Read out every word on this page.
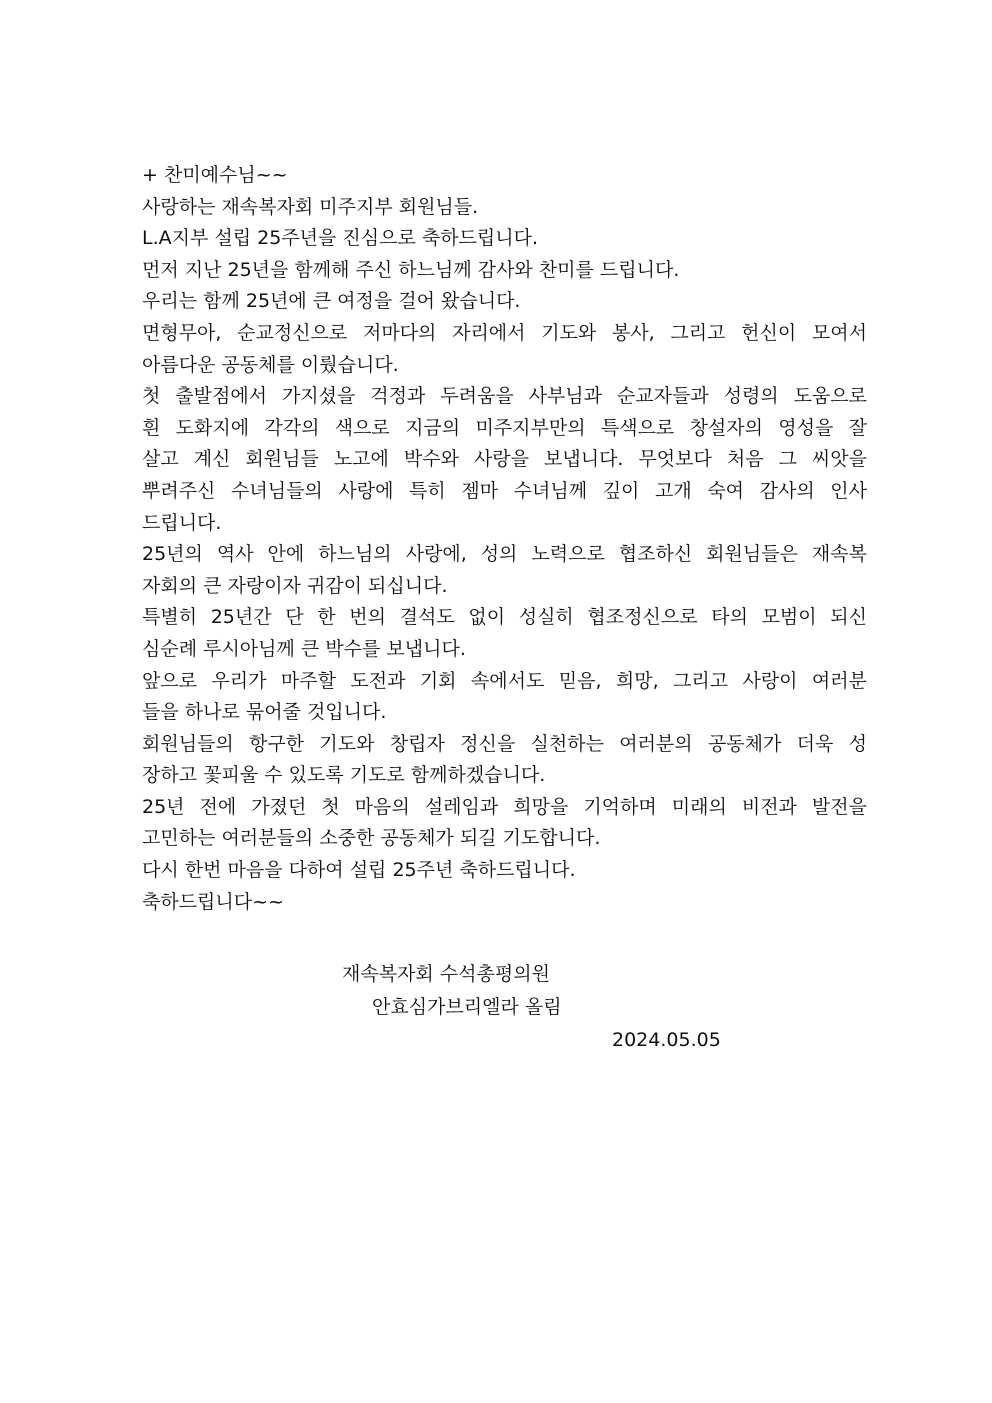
+ 찬미예수님~~
사랑하는 재속복자회 미주지부 회원님들.
L.A지부 설립 25주년을 진심으로 축하드립니다.
먼저 지난 25년을 함께해 주신 하느님께 감사와 찬미를 드립니다.
우리는 함께 25년에 큰 여정을 걸어 왔습니다.
면형무아, 순교정신으로 저마다의 자리에서 기도와 봉사, 그리고 헌신이 모여서
아름다운 공동체를 이뤘습니다.
첫 출발점에서 가지셨을 걱정과 두려움을 사부님과 순교자들과 성령의 도움으로
흰 도화지에 각각의 색으로 지금의 미주지부만의 특색으로 창설자의 영성을 잘
살고 계신 회원님들 노고에 박수와 사랑을 보냅니다. 무엇보다 처음 그 씨앗을
뿌려주신 수녀님들의 사랑에 특히 젬마 수녀님께 깊이 고개 숙여 감사의 인사
드립니다.
25년의 역사 안에 하느님의 사랑에, 성의 노력으로 협조하신 회원님들은 재속복
자회의 큰 자랑이자 귀감이 되십니다.
특별히 25년간 단 한 번의 결석도 없이 성실히 협조정신으로 타의 모범이 되신
심순례 루시아님께 큰 박수를 보냅니다.
앞으로 우리가 마주할 도전과 기회 속에서도 믿음, 희망, 그리고 사랑이 여러분
들을 하나로 묶어줄 것입니다.
회원님들의 항구한 기도와 창립자 정신을 실천하는 여러분의 공동체가 더욱 성
장하고 꽃피울 수 있도록 기도로 함께하겠습니다.
25년 전에 가졌던 첫 마음의 설레임과 희망을 기억하며 미래의 비전과 발전을
고민하는 여러분들의 소중한 공동체가 되길 기도합니다.
다시 한번 마음을 다하여 설립 25주년 축하드립니다.
축하드립니다~~
재속복자회 수석총평의원
안효심가브리엘라 올림
2024.05.05
